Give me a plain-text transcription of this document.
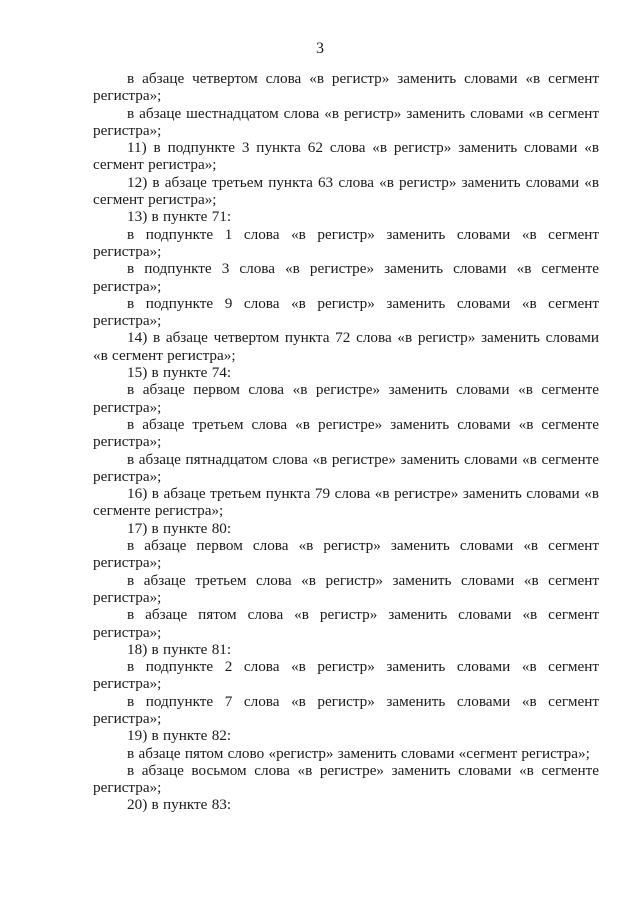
3

в абзаце четвертом слова «в регистр» заменить словами «в сегмент регистра»;

в абзаце шестнадцатом слова «в регистр» заменить словами «в сегмент регистра»;

11) в подпункте 3 пункта 62 слова «в регистр» заменить словами «в сегмент регистра»;

12) в абзаце третьем пункта 63 слова «в регистр» заменить словами «в сегмент регистра»;

13) в пункте 71:

в подпункте 1 слова «в регистр» заменить словами «в сегмент регистра»;

в подпункте 3 слова «в регистре» заменить словами «в сегменте регистра»;

в подпункте 9 слова «в регистр» заменить словами «в сегмент регистра»;

14) в абзаце четвертом пункта 72 слова «в регистр» заменить словами «в сегмент регистра»;

15) в пункте 74:

в абзаце первом слова «в регистре» заменить словами «в сегменте регистра»;

в абзаце третьем слова «в регистре» заменить словами «в сегменте регистра»;

в абзаце пятнадцатом слова «в регистре» заменить словами «в сегменте регистра»;

16) в абзаце третьем пункта 79 слова «в регистре» заменить словами «в сегменте регистра»;

17) в пункте 80:

в абзаце первом слова «в регистр» заменить словами «в сегмент регистра»;

в абзаце третьем слова «в регистр» заменить словами «в сегмент регистра»;

в абзаце пятом слова «в регистр» заменить словами «в сегмент регистра»;

18) в пункте 81:

в подпункте 2 слова «в регистр» заменить словами «в сегмент регистра»;

в подпункте 7 слова «в регистр» заменить словами «в сегмент регистра»;

19) в пункте 82:

в абзаце пятом слово «регистр» заменить словами «сегмент регистра»;

в абзаце восьмом слова «в регистре» заменить словами «в сегменте регистра»;

20) в пункте 83:
